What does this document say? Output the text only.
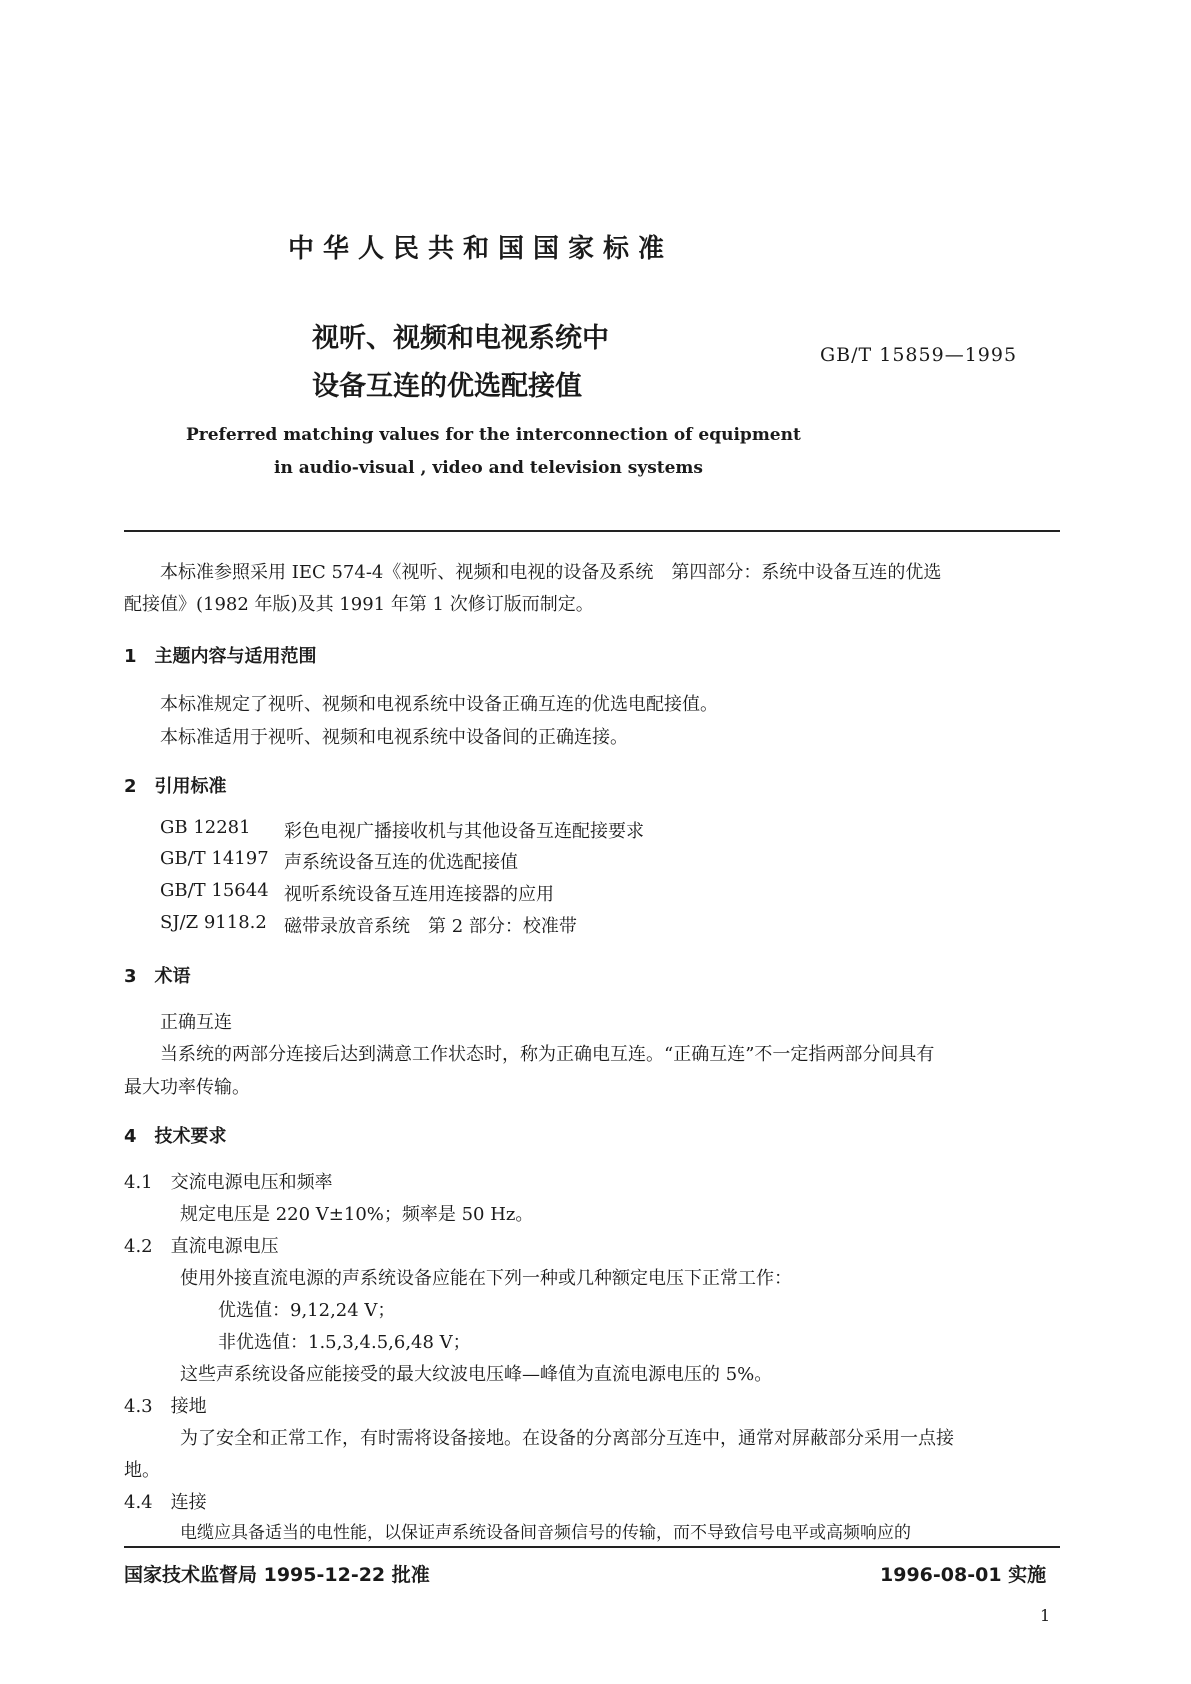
中华人民共和国国家标准
视听、视频和电视系统中
设备互连的优选配接值
GB/T 15859—1995
Preferred matching values for the interconnection of equipment
in audio-visual , video and television systems
本标准参照采用 IEC 574-4《视听、视频和电视的设备及系统　第四部分：系统中设备互连的优选
配接值》(1982 年版)及其 1991 年第 1 次修订版而制定。
1　主题内容与适用范围
本标准规定了视听、视频和电视系统中设备正确互连的优选电配接值。
本标准适用于视听、视频和电视系统中设备间的正确连接。
2　引用标准
GB 12281 彩色电视广播接收机与其他设备互连配接要求
GB/T 14197 声系统设备互连的优选配接值
GB/T 15644 视听系统设备互连用连接器的应用
SJ/Z 9118.2 磁带录放音系统　第 2 部分：校准带
3　术语
正确互连
当系统的两部分连接后达到满意工作状态时，称为正确电互连。“正确互连”不一定指两部分间具有
最大功率传输。
4　技术要求
4.1　交流电源电压和频率
规定电压是 220 V±10%；频率是 50 Hz。
4.2　直流电源电压
使用外接直流电源的声系统设备应能在下列一种或几种额定电压下正常工作：
优选值：9,12,24 V；
非优选值：1.5,3,4.5,6,48 V；
这些声系统设备应能接受的最大纹波电压峰—峰值为直流电源电压的 5%。
4.3　接地
为了安全和正常工作，有时需将设备接地。在设备的分离部分互连中，通常对屏蔽部分采用一点接
地。
4.4　连接
电缆应具备适当的电性能，以保证声系统设备间音频信号的传输，而不导致信号电平或高频响应的
国家技术监督局 1995-12-22 批准	1996-08-01 实施
1
